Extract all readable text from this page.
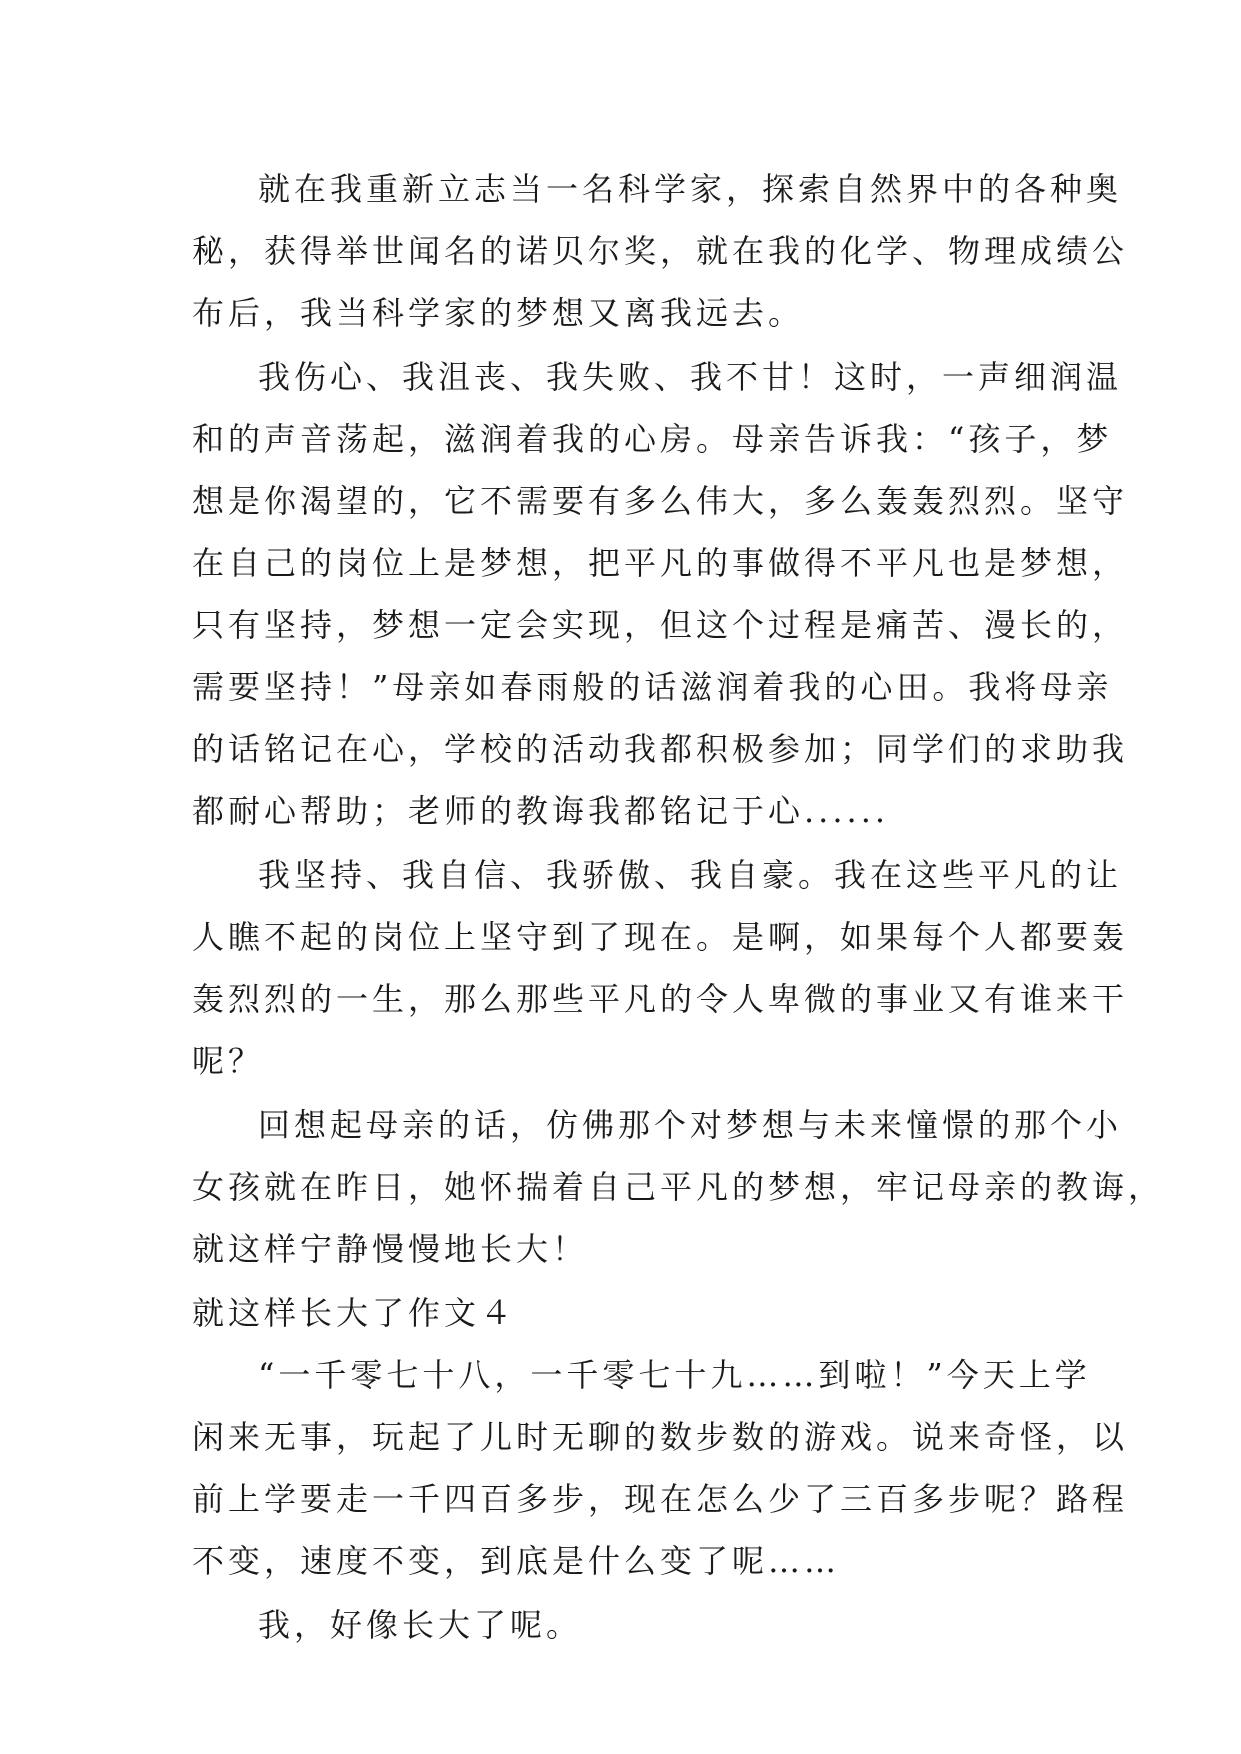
就在我重新立志当一名科学家，探索自然界中的各种奥
秘，获得举世闻名的诺贝尔奖，就在我的化学、物理成绩公
布后，我当科学家的梦想又离我远去。
我伤心、我沮丧、我失败、我不甘！这时，一声细润温
和的声音荡起，滋润着我的心房。母亲告诉我：“孩子，梦
想是你渴望的，它不需要有多么伟大，多么轰轰烈烈。坚守
在自己的岗位上是梦想，把平凡的事做得不平凡也是梦想，
只有坚持，梦想一定会实现，但这个过程是痛苦、漫长的，
需要坚持！”母亲如春雨般的话滋润着我的心田。我将母亲
的话铭记在心，学校的活动我都积极参加；同学们的求助我
都耐心帮助；老师的教诲我都铭记于心......
我坚持、我自信、我骄傲、我自豪。我在这些平凡的让
人瞧不起的岗位上坚守到了现在。是啊，如果每个人都要轰
轰烈烈的一生，那么那些平凡的令人卑微的事业又有谁来干
呢？
回想起母亲的话，仿佛那个对梦想与未来憧憬的那个小
女孩就在昨日，她怀揣着自己平凡的梦想，牢记母亲的教诲，
就这样宁静慢慢地长大！
就这样长大了作文４
“一千零七十八，一千零七十九……到啦！”今天上学
闲来无事，玩起了儿时无聊的数步数的游戏。说来奇怪，以
前上学要走一千四百多步，现在怎么少了三百多步呢？路程
不变，速度不变，到底是什么变了呢……
我，好像长大了呢。
